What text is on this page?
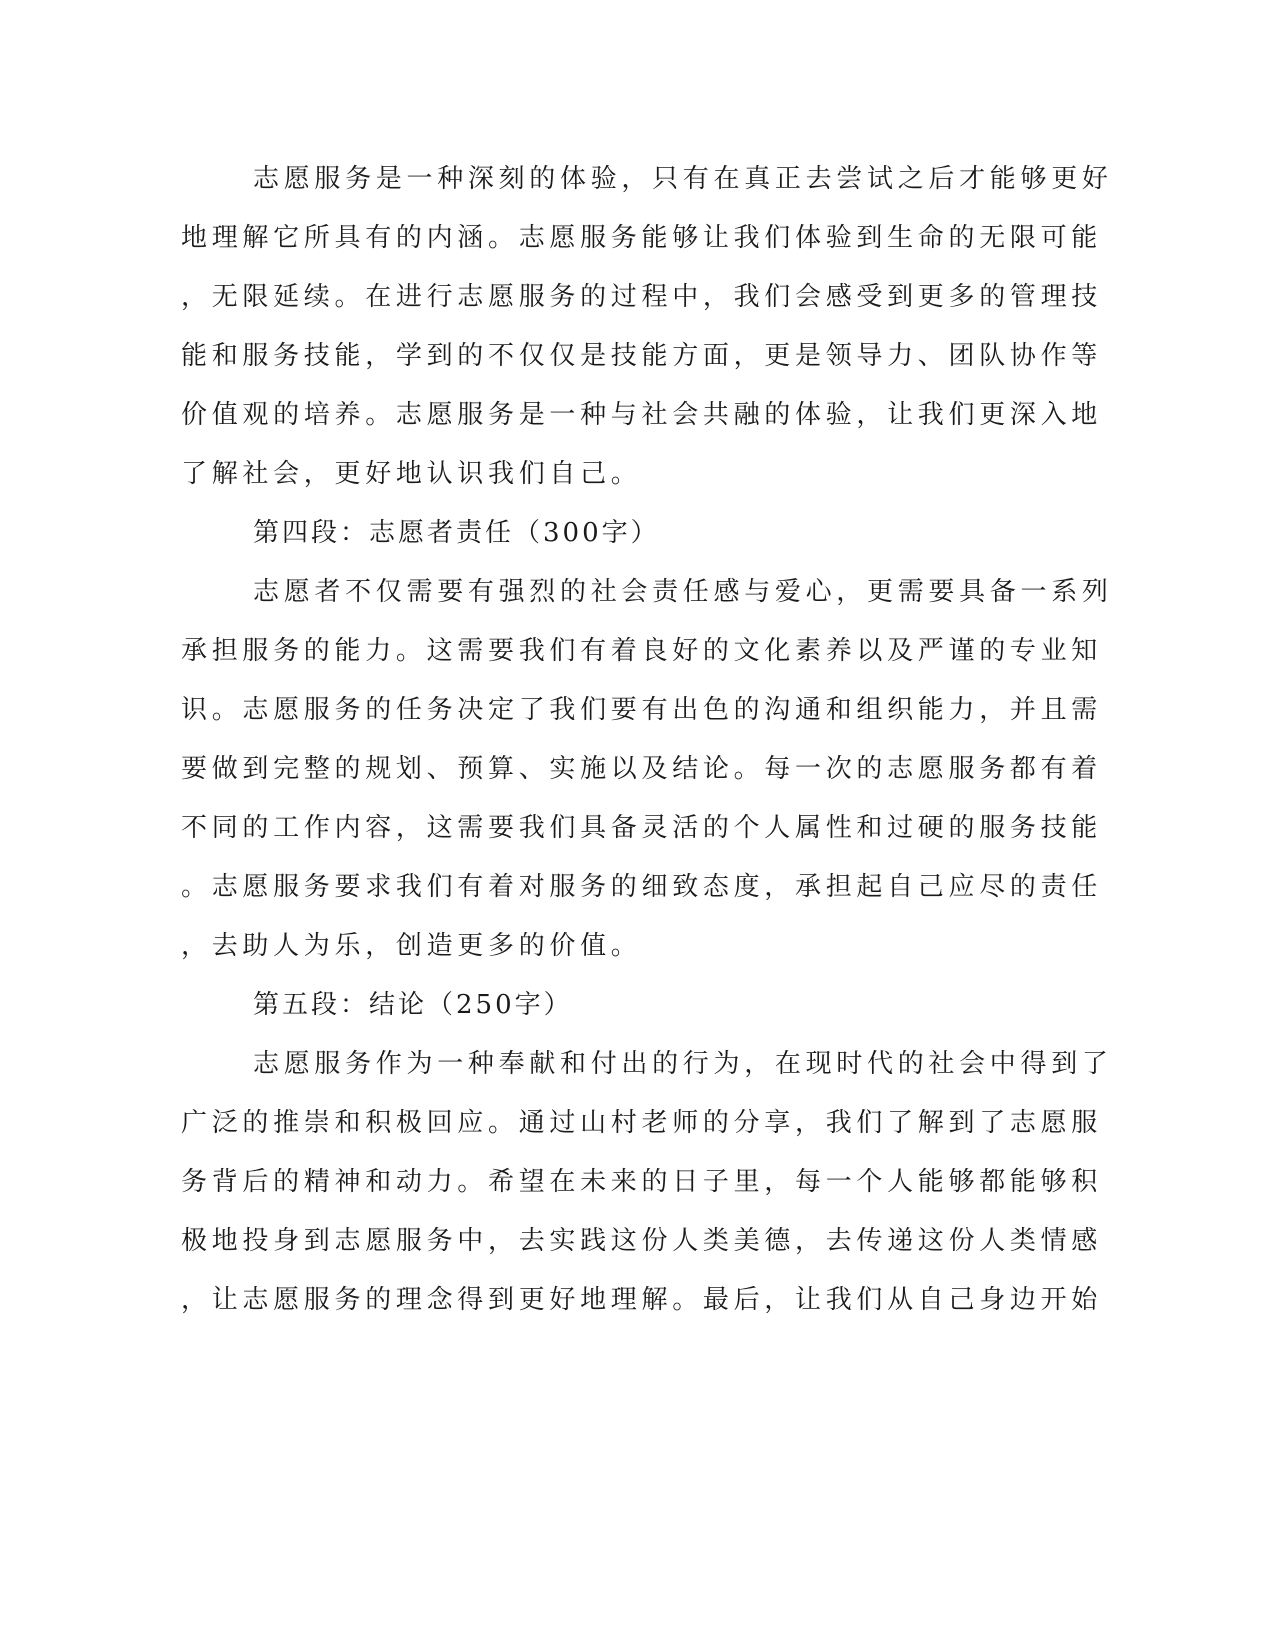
志愿服务是一种深刻的体验，只有在真正去尝试之后才能够更好
地理解它所具有的内涵。志愿服务能够让我们体验到生命的无限可能
，无限延续。在进行志愿服务的过程中，我们会感受到更多的管理技
能和服务技能，学到的不仅仅是技能方面，更是领导力、团队协作等
价值观的培养。志愿服务是一种与社会共融的体验，让我们更深入地
了解社会，更好地认识我们自己。
第四段：志愿者责任（300字）
志愿者不仅需要有强烈的社会责任感与爱心，更需要具备一系列
承担服务的能力。这需要我们有着良好的文化素养以及严谨的专业知
识。志愿服务的任务决定了我们要有出色的沟通和组织能力，并且需
要做到完整的规划、预算、实施以及结论。每一次的志愿服务都有着
不同的工作内容，这需要我们具备灵活的个人属性和过硬的服务技能
。志愿服务要求我们有着对服务的细致态度，承担起自己应尽的责任
，去助人为乐，创造更多的价值。
第五段：结论（250字）
志愿服务作为一种奉献和付出的行为，在现时代的社会中得到了
广泛的推崇和积极回应。通过山村老师的分享，我们了解到了志愿服
务背后的精神和动力。希望在未来的日子里，每一个人能够都能够积
极地投身到志愿服务中，去实践这份人类美德，去传递这份人类情感
，让志愿服务的理念得到更好地理解。最后，让我们从自己身边开始
